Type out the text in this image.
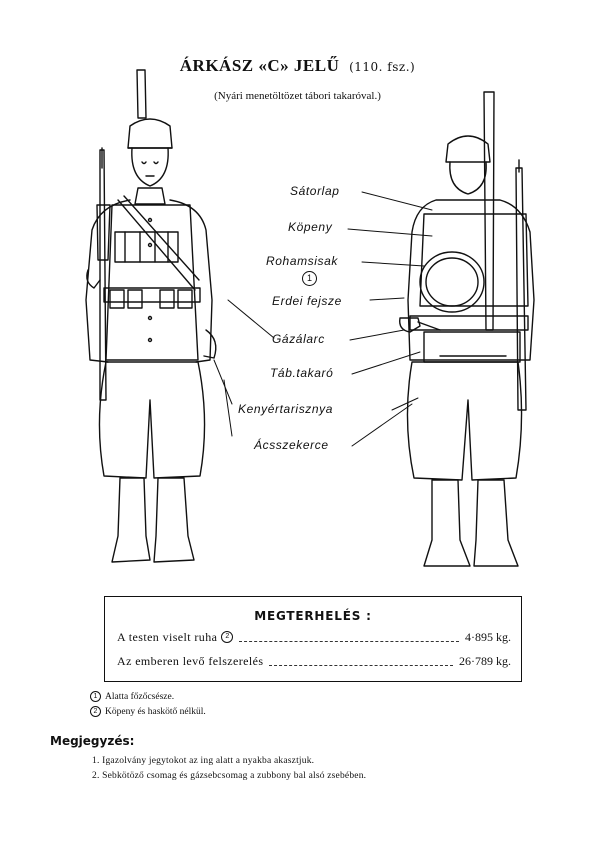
ÁRKÁSZ «C» JELŰ (110. fsz.)
(Nyári menetöltözet tábori takaróval.)
Sátorlap
Köpeny
Rohamsisak
1
Erdei fejsze
Gázálarc
Táb.takaró
Kenyértarisznya
Ácsszekerce
MEGTERHELÉS :
A testen viselt ruha	2	4·895 kg.
Az emberen levő felszerelés	26·789 kg.
1 Alatta főzőcsésze.
2 Köpeny és haskötő nélkül.
Megjegyzés:
1. Igazolvány jegytokot az ing alatt a nyakba akasztjuk.
2. Sebkötöző csomag és gázsebcsomag a zubbony bal alsó zsebében.
